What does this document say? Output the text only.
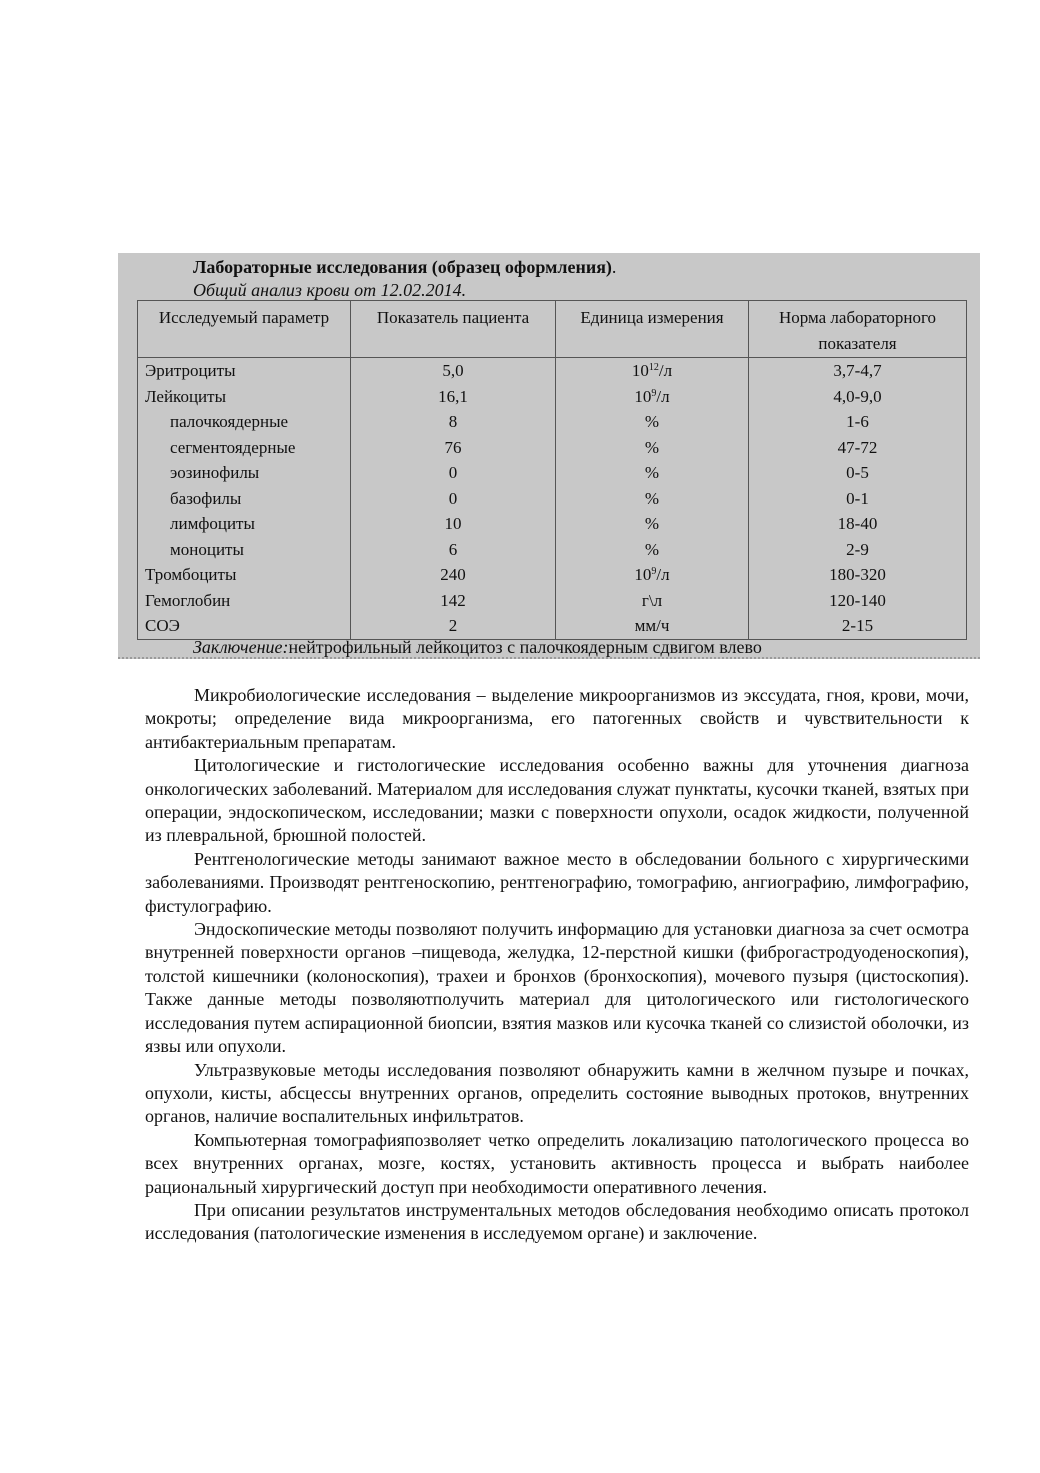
Лабораторные исследования (образец оформления).
Общий анализ крови от 12.02.2014.
Исследуемый параметр	Показатель пациента	Единица измерения	Норма лабораторного показателя
Эритроциты	5,0	$10^{12}/л$	3,7-4,7
Лейкоциты	16,1	$10^9/л$	4,0-9,0
палочкоядерные	8	%	1-6
сегментоядерные	76	%	47-72
эозинофилы	0	%	0-5
базофилы	0	%	0-1
лимфоциты	10	%	18-40
моноциты	6	%	2-9
Тромбоциты	240	$10^9/л$	180-320
Гемоглобин	142	г\л	120-140
СОЭ	2	мм/ч	2-15
Заключение:нейтрофильный лейкоцитоз с палочкоядерным сдвигом влево

Микробиологические исследования – выделение микроорганизмов из экссудата, гноя, крови, мочи, мокроты; определение вида микроорганизма, его патогенных свойств и чувствительности к антибактериальным препаратам.

Цитологические и гистологические исследования особенно важны для уточнения диагноза онкологических заболеваний. Материалом для исследования служат пунктаты, кусочки тканей, взятых при операции, эндоскопическом, исследовании; мазки с поверхности опухоли, осадок жидкости, полученной из плевральной, брюшной полостей.

Рентгенологические методы занимают важное место в обследовании больного с хирургическими заболеваниями. Производят рентгеноскопию, рентгенографию, томографию, ангиографию, лимфографию, фистулографию.

Эндоскопические методы позволяют получить информацию для установки диагноза за счет осмотра внутренней поверхности органов –пищевода, желудка, 12-перстной кишки (фиброгастродуоденоскопия), толстой кишечники (колоноскопия), трахеи и бронхов (бронхоскопия), мочевого пузыря (цистоскопия). Также данные методы позволяютполучить материал для цитологического или гистологического исследования путем аспирационной биопсии, взятия мазков или кусочка тканей со слизистой оболочки, из язвы или опухоли.

Ультразвуковые методы исследования позволяют обнаружить камни в желчном пузыре и почках, опухоли, кисты, абсцессы внутренних органов, определить состояние выводных протоков, внутренних органов, наличие воспалительных инфильтратов.

Компьютерная томографияпозволяет четко определить локализацию патологического процесса во всех внутренних органах, мозге, костях, установить активность процесса и выбрать наиболее рациональный хирургический доступ при необходимости оперативного лечения.

При описании результатов инструментальных методов обследования необходимо описать протокол исследования (патологические изменения в исследуемом органе) и заключение.
